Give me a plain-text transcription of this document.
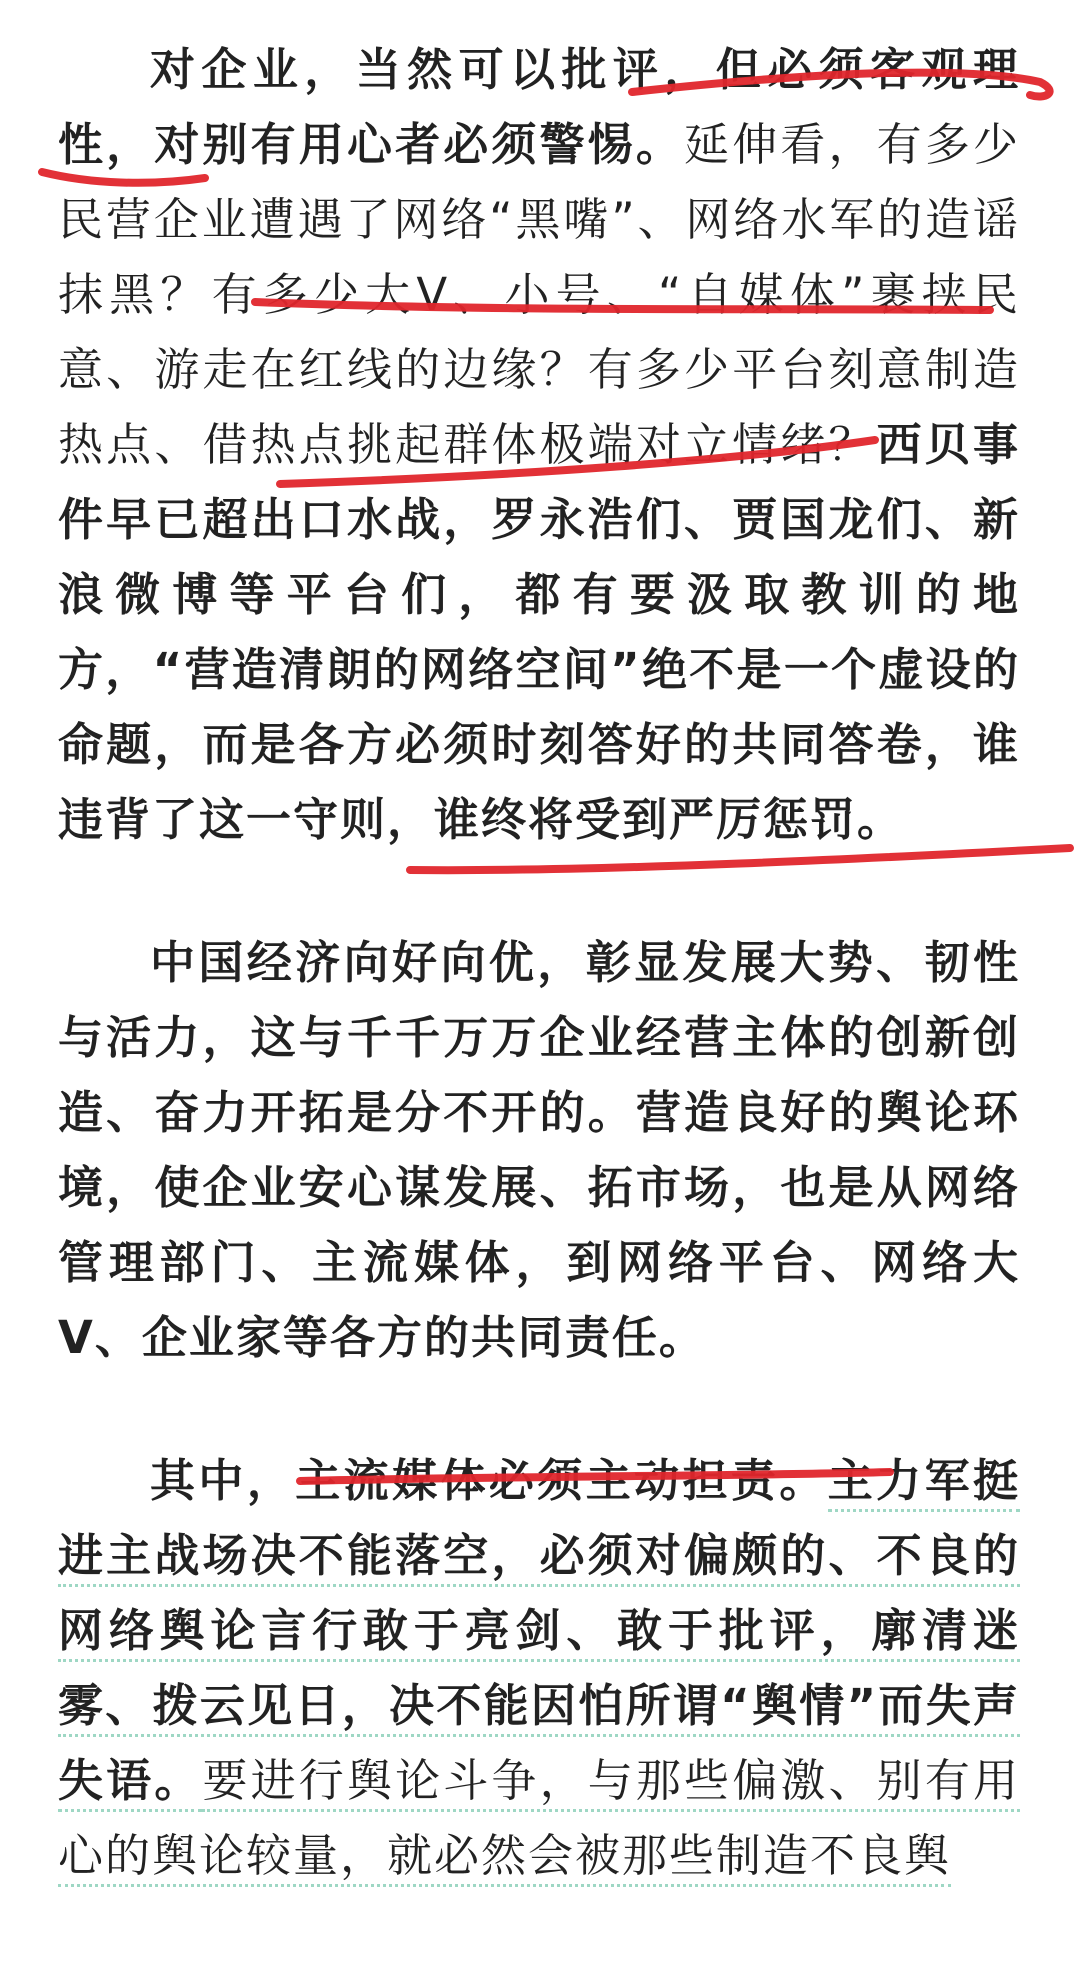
对企业，当然可以批评，但必须客观理性，对别有用心者必须警惕。延伸看，有多少民营企业遭遇了网络“黑嘴”、网络水军的造谣抹黑？有多少大V、小号、“自媒体”裹挟民意、游走在红线的边缘？有多少平台刻意制造热点、借热点挑起群体极端对立情绪？西贝事件早已超出口水战，罗永浩们、贾国龙们、新浪微博等平台们，都有要汲取教训的地方，“营造清朗的网络空间”绝不是一个虚设的命题，而是各方必须时刻答好的共同答卷，谁违背了这一守则，谁终将受到严厉惩罚。

中国经济向好向优，彰显发展大势、韧性与活力，这与千千万万企业经营主体的创新创造、奋力开拓是分不开的。营造良好的舆论环境，使企业安心谋发展、拓市场，也是从网络管理部门、主流媒体，到网络平台、网络大V、企业家等各方的共同责任。

其中，主流媒体必须主动担责。主力军挺进主战场决不能落空，必须对偏颇的、不良的网络舆论言行敢于亮剑、敢于批评，廓清迷雾、拨云见日，决不能因怕所谓“舆情”而失声失语。要进行舆论斗争，与那些偏激、别有用心的舆论较量，就必然会被那些制造不良舆
